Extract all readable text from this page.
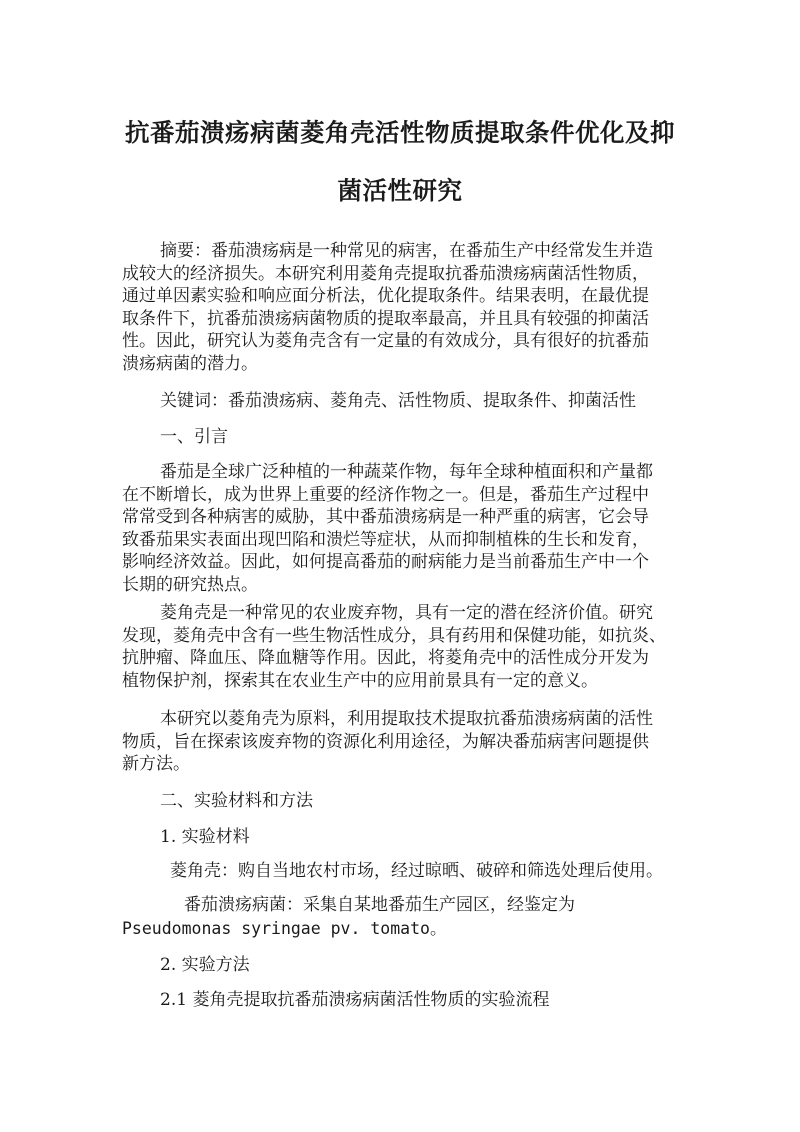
抗番茄溃疡病菌菱角壳活性物质提取条件优化及抑
菌活性研究
摘要：番茄溃疡病是一种常见的病害，在番茄生产中经常发生并造
成较大的经济损失。本研究利用菱角壳提取抗番茄溃疡病菌活性物质，
通过单因素实验和响应面分析法，优化提取条件。结果表明，在最优提
取条件下，抗番茄溃疡病菌物质的提取率最高，并且具有较强的抑菌活
性。因此，研究认为菱角壳含有一定量的有效成分，具有很好的抗番茄
溃疡病菌的潜力。
关键词：番茄溃疡病、菱角壳、活性物质、提取条件、抑菌活性
一、引言
番茄是全球广泛种植的一种蔬菜作物，每年全球种植面积和产量都
在不断增长，成为世界上重要的经济作物之一。但是，番茄生产过程中
常常受到各种病害的威胁，其中番茄溃疡病是一种严重的病害，它会导
致番茄果实表面出现凹陷和溃烂等症状，从而抑制植株的生长和发育，
影响经济效益。因此，如何提高番茄的耐病能力是当前番茄生产中一个
长期的研究热点。
菱角壳是一种常见的农业废弃物，具有一定的潜在经济价值。研究
发现，菱角壳中含有一些生物活性成分，具有药用和保健功能，如抗炎、
抗肿瘤、降血压、降血糖等作用。因此，将菱角壳中的活性成分开发为
植物保护剂，探索其在农业生产中的应用前景具有一定的意义。
本研究以菱角壳为原料，利用提取技术提取抗番茄溃疡病菌的活性
物质，旨在探索该废弃物的资源化利用途径，为解决番茄病害问题提供
新方法。
二、实验材料和方法
1. 实验材料
菱角壳：购自当地农村市场，经过晾晒、破碎和筛选处理后使用。
番茄溃疡病菌：采集自某地番茄生产园区，经鉴定为
Pseudomonas syringae pv. tomato。
2. 实验方法
2.1 菱角壳提取抗番茄溃疡病菌活性物质的实验流程
